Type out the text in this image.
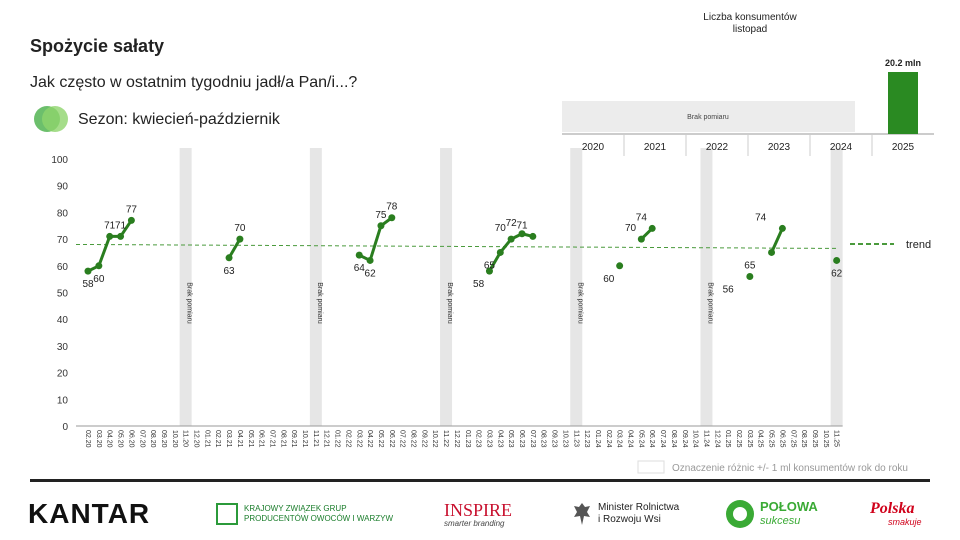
Spożycie sałaty
Jak często w ostatnim tygodniu jadł/a Pan/i...?
Sezon: kwiecień-październik
Liczba konsumentów
listopad
Brak pomiaru	Brak pomiaru	Brak pomiaru	Brak pomiaru	Brak pomiaru
0
10
20
30
40
50
60
70
80
90
100
02.20 03.20 04.20 05.20 06.20 07.20 08.20 09.20 10.20 11.20 12.20 01.21 02.21 03.21 04.21 05.21 06.21 07.21 08.21 09.21 10.21 11.21 12.21 01.22 02.22 03.22 04.22 05.22 06.22 07.22 08.22 09.22 10.22 11.22 12.22 01.23 02.23 03.23 04.23 05.23 06.23 07.23 08.23 09.23 10.23 11.23 12.23 01.24 02.24 03.24 04.24 05.24 06.24 07.24 08.24 09.24 10.24 11.24 12.24 01.25 02.25 03.25 04.25 05.25 06.25 07.25 08.25 09.25 10.25 11.25
trend
58 60
71 71
77
63
70
64 62
75
78
58
65
70 72 71
60
70
74
56
65
74
62
Brak pomiaru
2020	2021	2022	2023	2024	2025
20.2 mln
Oznaczenie różnic +/- 1 ml konsumentów rok do roku
KANTAR	KRAJOWY ZWIĄZEK GRUP
PRODUCENTÓW OWOCÓW I WARZYW	INSPIRE
smarter branding
Minister Rolnictwa
i Rozwoju Wsi
POŁOWA
sukcesu
Polska
smakuje
